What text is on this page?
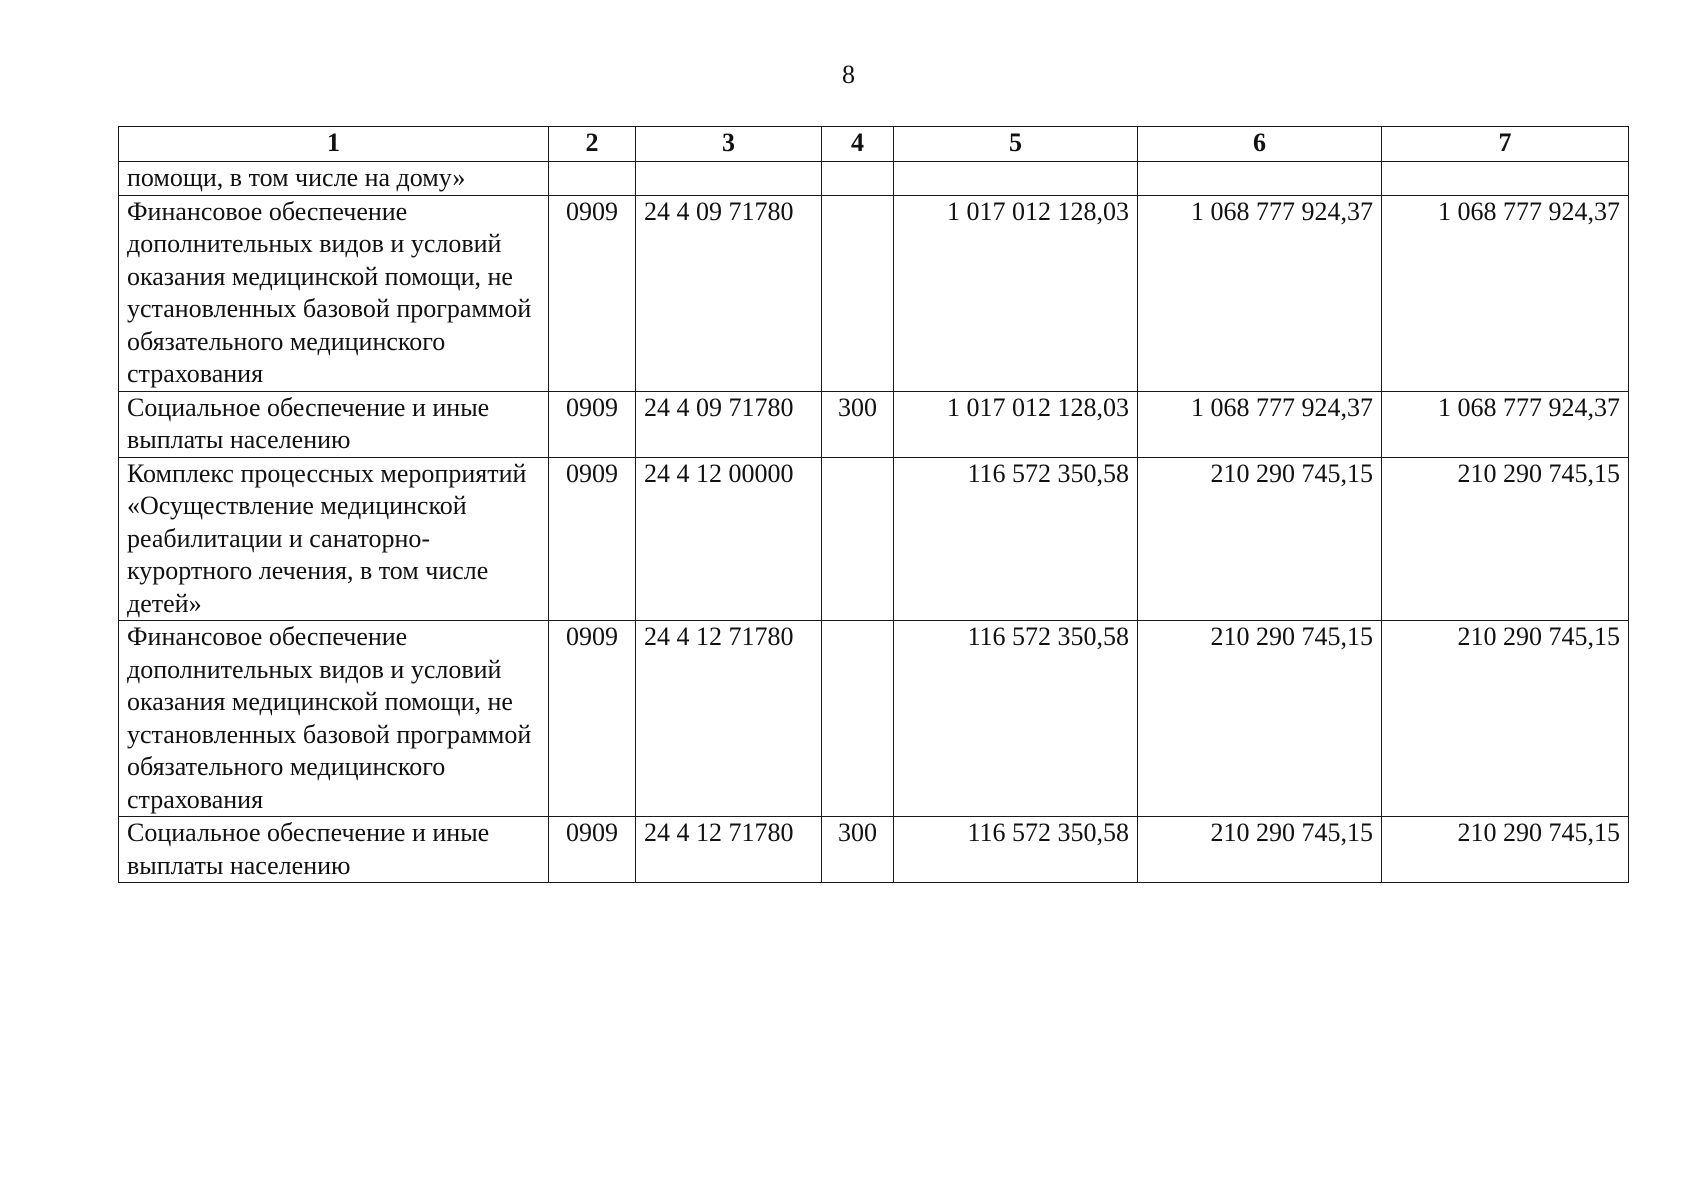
8
1	2	3	4	5	6	7
помощи, в том числе на дому»						
Финансовое обеспечение дополнительных видов и условий оказания медицинской помощи, не установленных базовой программой обязательного медицинского страхования	0909	24 4 09 71780		1 017 012 128,03	1 068 777 924,37	1 068 777 924,37
Социальное обеспечение и иные выплаты населению	0909	24 4 09 71780	300	1 017 012 128,03	1 068 777 924,37	1 068 777 924,37
Комплекс процессных мероприятий «Осуществление медицинской реабилитации и санаторно-курортного лечения, в том числе детей»	0909	24 4 12 00000		116 572 350,58	210 290 745,15	210 290 745,15
Финансовое обеспечение дополнительных видов и условий оказания медицинской помощи, не установленных базовой программой обязательного медицинского страхования	0909	24 4 12 71780		116 572 350,58	210 290 745,15	210 290 745,15
Социальное обеспечение и иные выплаты населению	0909	24 4 12 71780	300	116 572 350,58	210 290 745,15	210 290 745,15
